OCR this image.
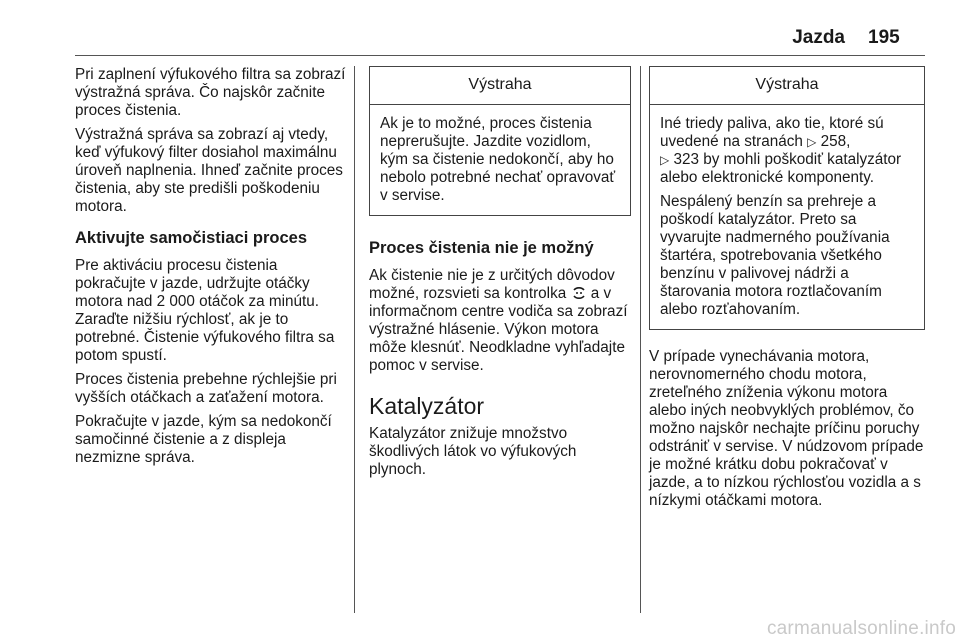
Jazda 195

Pri zaplnení výfukového filtra sa zobrazí výstražná správa. Čo najskôr začnite proces čistenia.

Výstražná správa sa zobrazí aj vtedy, keď výfukový filter dosiahol maximálnu úroveň naplnenia. Ihneď začnite proces čistenia, aby ste predišli poškodeniu motora.

Aktivujte samočistiaci proces

Pre aktiváciu procesu čistenia pokračujte v jazde, udržujte otáčky motora nad 2 000 otáčok za minútu. Zaraďte nižšiu rýchlosť, ak je to potrebné. Čistenie výfukového filtra sa potom spustí.

Proces čistenia prebehne rýchlejšie pri vyšších otáčkach a zaťažení motora.

Pokračujte v jazde, kým sa nedokončí samočinné čistenie a z displeja nezmizne správa.

Výstraha

Ak je to možné, proces čistenia neprerušujte. Jazdite vozidlom, kým sa čistenie nedokončí, aby ho nebolo potrebné nechať opravovať v servise.

Proces čistenia nie je možný

Ak čistenie nie je z určitých dôvodov možné, rozsvieti sa kontrolka a v informačnom centre vodiča sa zobrazí výstražné hlásenie. Výkon motora môže klesnúť. Neodkladne vyhľadajte pomoc v servise.

Katalyzátor

Katalyzátor znižuje množstvo škodlivých látok vo výfukových plynoch.

Výstraha

Iné triedy paliva, ako tie, ktoré sú uvedené na stranách ▷ 258,
▷ 323 by mohli poškodiť katalyzátor alebo elektronické komponenty.

Nespálený benzín sa prehreje a poškodí katalyzátor. Preto sa vyvarujte nadmerného používania štartéra, spotrebovania všetkého benzínu v palivovej nádrži a štarovania motora roztlačovaním alebo rozťahovaním.

V prípade vynechávania motora, nerovnomerného chodu motora, zreteľného zníženia výkonu motora alebo iných neobvyklých problémov, čo možno najskôr nechajte príčinu poruchy odstrániť v servise. V núdzovom prípade je možné krátku dobu pokračovať v jazde, a to nízkou rýchlosťou vozidla a s nízkymi otáčkami motora.

carmanualsonline.info
